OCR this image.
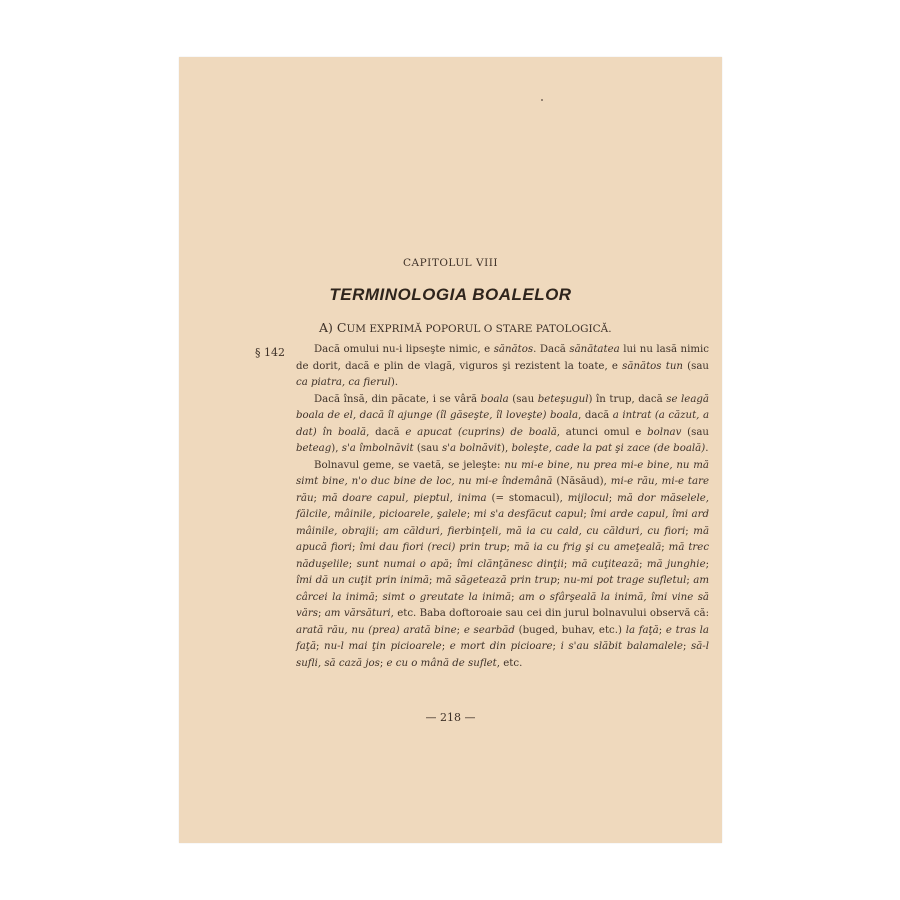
CAPITOLUL VIII
TERMINOLOGIA BOALELOR
A) CUM EXPRIMĂ POPORUL O STARE PATOLOGICĂ.
§ 142	Dacă omului nu-i lipseşte nimic, e sănătos. Dacă sănătatea lui nu lasă nimic de dorit, dacă e plin de vlagă, viguros şi rezistent la toate, e sănătos tun (sau ca piatra, ca fierul).

Dacă însă, din păcate, i se vâră boala (sau beteşugul) în trup, dacă se leagă boala de el, dacă îl ajunge (îl găseşte, îl loveşte) boala, dacă a intrat (a căzut, a dat) în boală, dacă e apucat (cuprins) de boală, atunci omul e bolnav (sau beteag), s'a îmbolnăvit (sau s'a bolnăvit), boleşte, cade la pat şi zace (de boală).

Bolnavul geme, se vaetă, se jeleşte: nu mi-e bine, nu prea mi-e bine, nu mă simt bine, n'o duc bine de loc, nu mi-e îndemână (Năsăud), mi-e rău, mi-e tare rău; mă doare capul, pieptul, inima (= stomacul), mijlocul; mă dor măselele, fălcile, mâinile, picioarele, şalele; mi s'a desfăcut capul; îmi arde capul, îmi ard mâinile, obrajii; am călduri, fierbinţeli, mă ia cu cald, cu călduri, cu fiori; mă apucă fiori; îmi dau fiori (reci) prin trup; mă ia cu frig şi cu ameţeală; mă trec năduşelile; sunt numai o apă; îmi clănţănesc dinţii; mă cuţitează; mă junghie; îmi dă un cuţit prin inimă; mă săgetează prin trup; nu-mi pot trage sufletul; am cârcei la inimă; simt o greutate la inimă; am o sfârşeală la inimă, îmi vine să vărs; am vărsături, etc. Baba doftoroaie sau cei din jurul bolnavului observă că: arată rău, nu (prea) arată bine; e searbăd (buged, buhav, etc.) la faţă; e tras la faţă; nu-l mai ţin picioarele; e mort din picioare; i s'au slăbit balamalele; să-l sufli, să cază jos; e cu o mână de suflet, etc.

— 218 —
